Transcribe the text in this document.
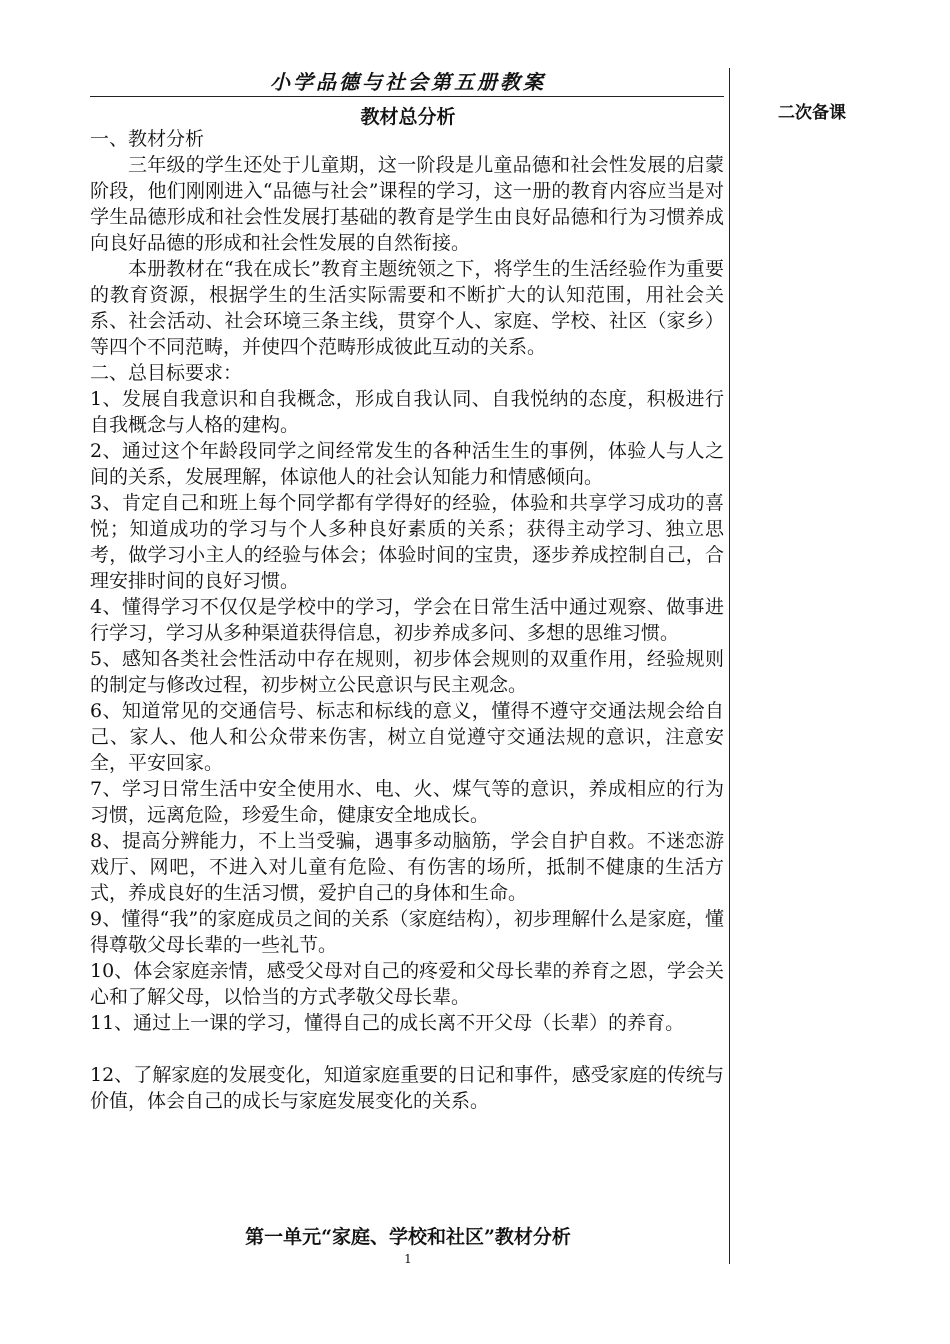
小学品德与社会第五册教案
二次备课
教材总分析

一、教材分析

三年级的学生还处于儿童期，这一阶段是儿童品德和社会性发展的启蒙阶段，他们刚刚进入“品德与社会”课程的学习，这一册的教育内容应当是对学生品德形成和社会性发展打基础的教育是学生由良好品德和行为习惯养成向良好品德的形成和社会性发展的自然衔接。

本册教材在“我在成长”教育主题统领之下，将学生的生活经验作为重要的教育资源，根据学生的生活实际需要和不断扩大的认知范围，用社会关系、社会活动、社会环境三条主线，贯穿个人、家庭、学校、社区（家乡）等四个不同范畴，并使四个范畴形成彼此互动的关系。

二、总目标要求：

1、发展自我意识和自我概念，形成自我认同、自我悦纳的态度，积极进行自我概念与人格的建构。

2、通过这个年龄段同学之间经常发生的各种活生生的事例，体验人与人之间的关系，发展理解，体谅他人的社会认知能力和情感倾向。

3、肯定自己和班上每个同学都有学得好的经验，体验和共享学习成功的喜悦；知道成功的学习与个人多种良好素质的关系；获得主动学习、独立思考，做学习小主人的经验与体会；体验时间的宝贵，逐步养成控制自己，合理安排时间的良好习惯。

4、懂得学习不仅仅是学校中的学习，学会在日常生活中通过观察、做事进行学习，学习从多种渠道获得信息，初步养成多问、多想的思维习惯。

5、感知各类社会性活动中存在规则，初步体会规则的双重作用，经验规则的制定与修改过程，初步树立公民意识与民主观念。

6、知道常见的交通信号、标志和标线的意义，懂得不遵守交通法规会给自己、家人、他人和公众带来伤害，树立自觉遵守交通法规的意识，注意安全，平安回家。

7、学习日常生活中安全使用水、电、火、煤气等的意识，养成相应的行为习惯，远离危险，珍爱生命，健康安全地成长。

8、提高分辨能力，不上当受骗，遇事多动脑筋，学会自护自救。不迷恋游戏厅、网吧，不进入对儿童有危险、有伤害的场所，抵制不健康的生活方式，养成良好的生活习惯，爱护自己的身体和生命。

9、懂得“我”的家庭成员之间的关系（家庭结构），初步理解什么是家庭，懂得尊敬父母长辈的一些礼节。

10、体会家庭亲情，感受父母对自己的疼爱和父母长辈的养育之恩，学会关心和了解父母，以恰当的方式孝敬父母长辈。

11、通过上一课的学习，懂得自己的成长离不开父母（长辈）的养育。

12、了解家庭的发展变化，知道家庭重要的日记和事件，感受家庭的传统与价值，体会自己的成长与家庭发展变化的关系。

第一单元“家庭、学校和社区”教材分析
1
